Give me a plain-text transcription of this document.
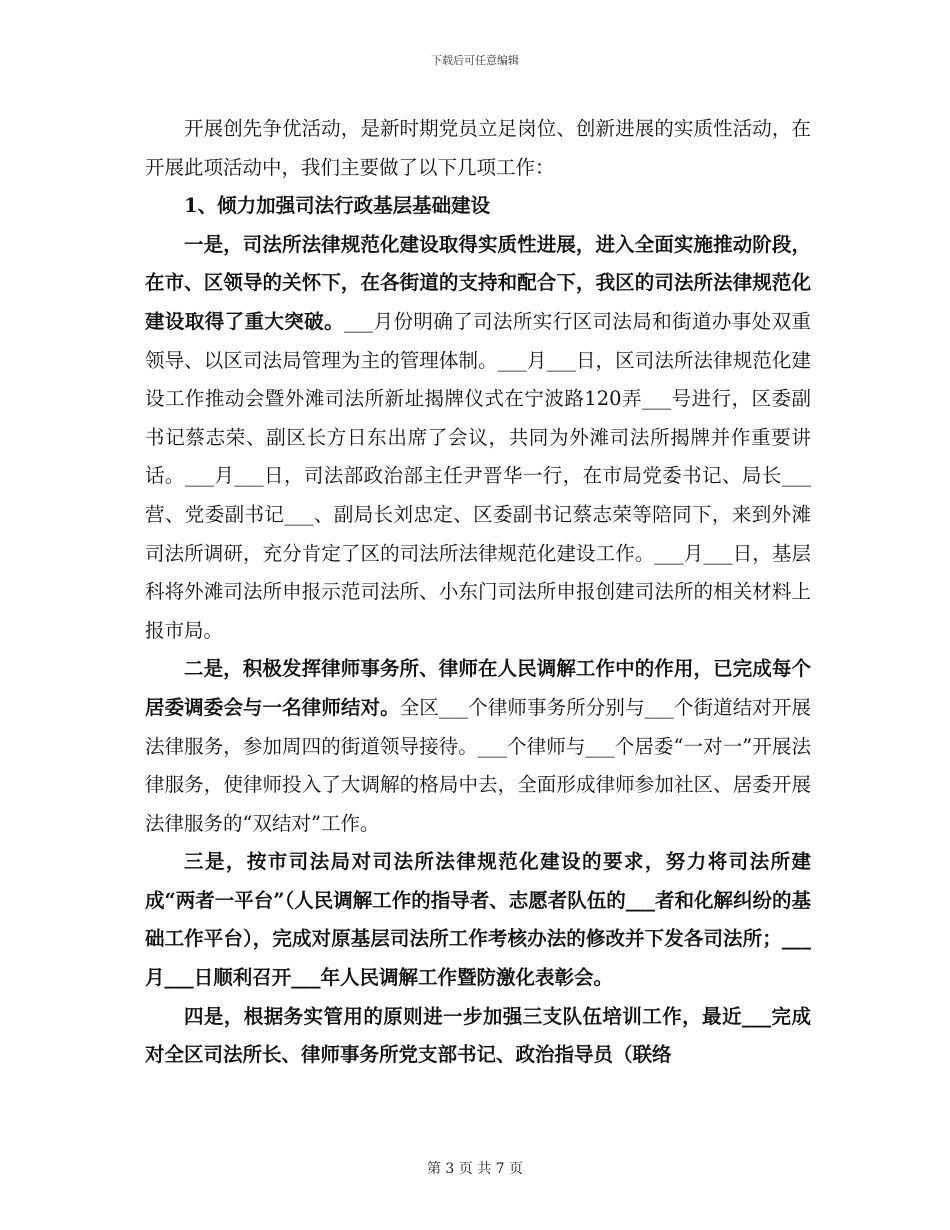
下载后可任意编辑

开展创先争优活动，是新时期党员立足岗位、创新进展的实质性活动，在开展此项活动中，我们主要做了以下几项工作：

1、倾力加强司法行政基层基础建设

一是，司法所法律规范化建设取得实质性进展，进入全面实施推动阶段，在市、区领导的关怀下，在各街道的支持和配合下，我区的司法所法律规范化建设取得了重大突破。___月份明确了司法所实行区司法局和街道办事处双重领导、以区司法局管理为主的管理体制。___月___日，区司法所法律规范化建设工作推动会暨外滩司法所新址揭牌仪式在宁波路120弄___号进行，区委副书记蔡志荣、副区长方日东出席了会议，共同为外滩司法所揭牌并作重要讲话。___月___日，司法部政治部主任尹晋华一行，在市局党委书记、局长___营、党委副书记___、副局长刘忠定、区委副书记蔡志荣等陪同下，来到外滩司法所调研，充分肯定了区的司法所法律规范化建设工作。___月___日，基层科将外滩司法所申报示范司法所、小东门司法所申报创建司法所的相关材料上报市局。

二是，积极发挥律师事务所、律师在人民调解工作中的作用，已完成每个居委调委会与一名律师结对。全区___个律师事务所分别与___个街道结对开展法律服务，参加周四的街道领导接待。___个律师与___个居委“一对一”开展法律服务，使律师投入了大调解的格局中去，全面形成律师参加社区、居委开展法律服务的“双结对”工作。

三是，按市司法局对司法所法律规范化建设的要求，努力将司法所建成“两者一平台”（人民调解工作的指导者、志愿者队伍的___者和化解纠纷的基础工作平台），完成对原基层司法所工作考核办法的修改并下发各司法所；___月___日顺利召开___年人民调解工作暨防激化表彰会。

四是，根据务实管用的原则进一步加强三支队伍培训工作，最近___完成对全区司法所长、律师事务所党支部书记、政治指导员（联络

第 3 页 共 7 页
